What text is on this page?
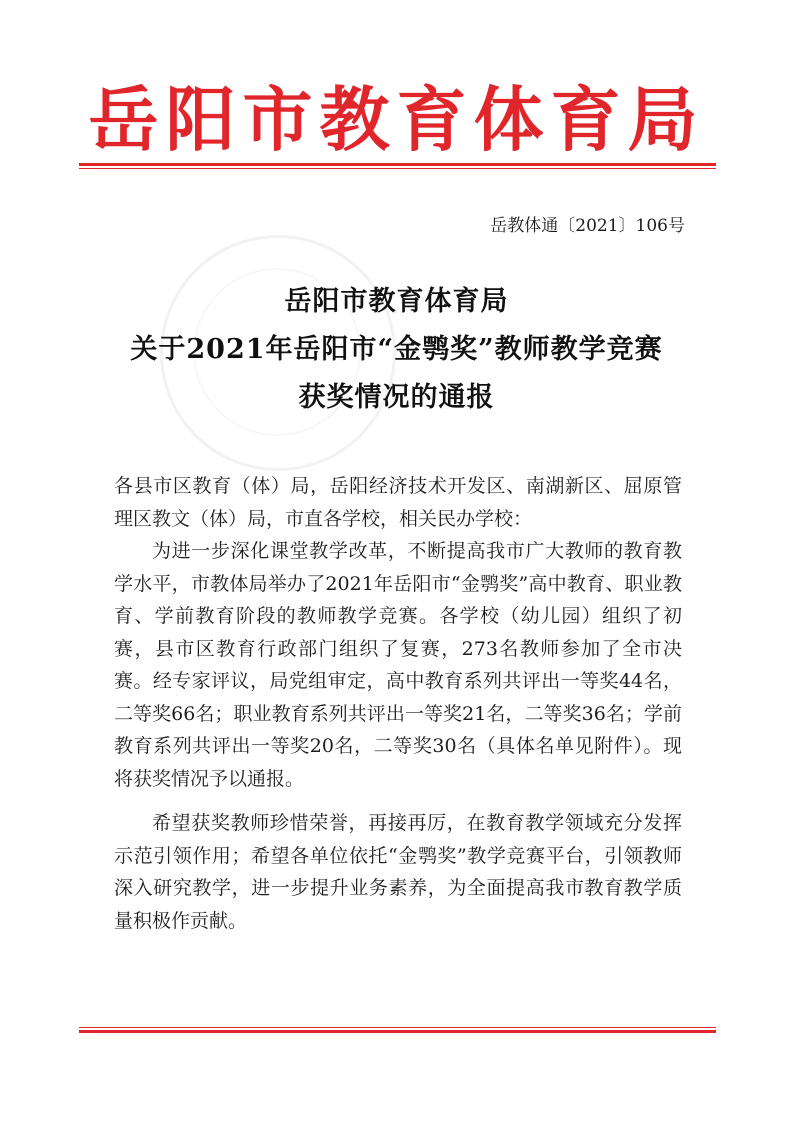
岳阳市教育体育局
岳教体通〔2021〕106号
岳阳市教育体育局
关于2021年岳阳市“金鹗奖”教师教学竞赛
获奖情况的通报

各县市区教育（体）局，岳阳经济技术开发区、南湖新区、屈原管理区教文（体）局，市直各学校，相关民办学校：

为进一步深化课堂教学改革，不断提高我市广大教师的教育教学水平，市教体局举办了2021年岳阳市“金鹗奖”高中教育、职业教育、学前教育阶段的教师教学竞赛。各学校（幼儿园）组织了初赛，县市区教育行政部门组织了复赛，273名教师参加了全市决赛。经专家评议，局党组审定，高中教育系列共评出一等奖44名，二等奖66名；职业教育系列共评出一等奖21名，二等奖36名；学前教育系列共评出一等奖20名，二等奖30名（具体名单见附件）。现将获奖情况予以通报。

希望获奖教师珍惜荣誉，再接再厉，在教育教学领域充分发挥示范引领作用；希望各单位依托“金鹗奖”教学竞赛平台，引领教师深入研究教学，进一步提升业务素养，为全面提高我市教育教学质量积极作贡献。
